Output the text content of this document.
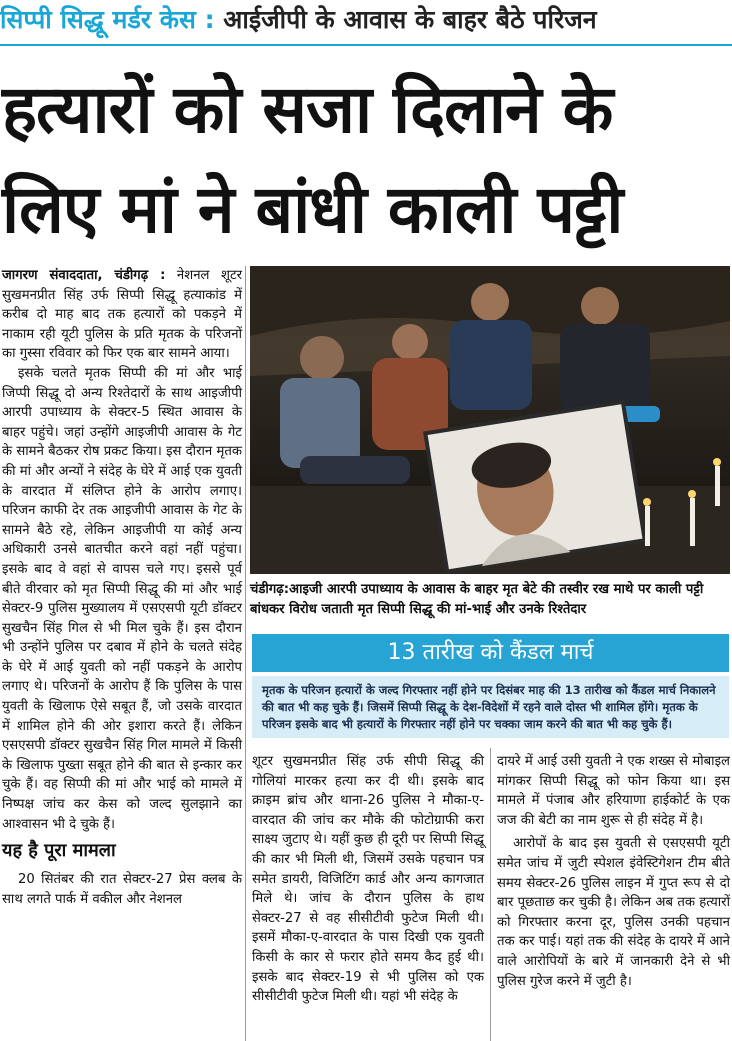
सिप्पी सिद्धू मर्डर केस : आईजीपी के आवास के बाहर बैठे परिजन
हत्यारों को सजा दिलाने के
लिए मां ने बांधी काली पट्टी

जागरण संवाददाता, चंडीगढ़ : नेशनल शूटर सुखमनप्रीत सिंह उर्फ सिप्पी सिद्धू हत्याकांड में करीब दो माह बाद तक हत्यारों को पकड़ने में नाकाम रही यूटी पुलिस के प्रति मृतक के परिजनों का गुस्सा रविवार को फिर एक बार सामने आया।

इसके चलते मृतक सिप्पी की मां और भाई जिप्पी सिद्धू दो अन्य रिश्तेदारों के साथ आइजीपी आरपी उपाध्याय के सेक्टर-5 स्थित आवास के बाहर पहुंचे। जहां उन्होंगे आइजीपी आवास के गेट के सामने बैठकर रोष प्रकट किया। इस दौरान मृतक की मां और अन्यों ने संदेह के घेरे में आई एक युवती के वारदात में संलिप्त होने के आरोप लगाए। परिजन काफी देर तक आइजीपी आवास के गेट के सामने बैठे रहे, लेकिन आइजीपी या कोई अन्य अधिकारी उनसे बातचीत करने वहां नहीं पहुंचा। इसके बाद वे वहां से वापस चले गए। इससे पूर्व बीते वीरवार को मृत सिप्पी सिद्धू की मां और भाई सेक्टर-9 पुलिस मुख्यालय में एसएसपी यूटी डॉक्टर सुखचैन सिंह गिल से भी मिल चुके हैं। इस दौरान भी उन्होंने पुलिस पर दबाव में होने के चलते संदेह के घेरे में आई युवती को नहीं पकड़ने के आरोप लगाए थे। परिजनों के आरोप हैं कि पुलिस के पास युवती के खिलाफ ऐसे सबूत हैं, जो उसके वारदात में शामिल होने की ओर इशारा करते हैं। लेकिन एसएसपी डॉक्टर सुखचैन सिंह गिल मामले में किसी के खिलाफ पुख्ता सबूत होने की बात से इन्कार कर चुके हैं। वह सिप्पी की मां और भाई को मामले में निष्पक्ष जांच कर केस को जल्द सुलझाने का आश्वासन भी दे चुके हैं।

यह है पूरा मामला

20 सितंबर की रात सेक्टर-27 प्रेस क्लब के साथ लगते पार्क में वकील और नेशनल

चंडीगढ़:आइजी आरपी उपाध्याय के आवास के बाहर मृत बेटे की तस्वीर रख माथे पर काली पट्टी बांधकर विरोध जताती मृत सिप्पी सिद्धू की मां-भाई और उनके रिश्तेदार
13 तारीख को कैंडल मार्च
मृतक के परिजन हत्यारों के जल्द गिरफ्तार नहीं होने पर दिसंबर माह की 13 तारीख को कैंडल मार्च निकालने की बात भी कह चुके हैं। जिसमें सिप्पी सिद्धू के देश-विदेशों में रहने वाले दोस्त भी शामिल होंगे। मृतक के परिजन इसके बाद भी हत्यारों के गिरफ्तार नहीं होने पर चक्का जाम करने की बात भी कह चुके हैं।

शूटर सुखमनप्रीत सिंह उर्फ सीपी सिद्धू की गोलियां मारकर हत्या कर दी थी। इसके बाद क्राइम ब्रांच और थाना-26 पुलिस ने मौका-ए-वारदात की जांच कर मौके की फोटोग्राफी करा साक्ष्य जुटाए थे। यहीं कुछ ही दूरी पर सिप्पी सिद्धू की कार भी मिली थी, जिसमें उसके पहचान पत्र समेत डायरी, विजिटिंग कार्ड और अन्य कागजात मिले थे। जांच के दौरान पुलिस के हाथ सेक्टर-27 से वह सीसीटीवी फुटेज मिली थी। इसमें मौका-ए-वारदात के पास दिखी एक युवती किसी के कार से फरार होते समय कैद हुई थी। इसके बाद सेक्टर-19 से भी पुलिस को एक सीसीटीवी फुटेज मिली थी। यहां भी संदेह के

दायरे में आई उसी युवती ने एक शख्स से मोबाइल मांगकर सिप्पी सिद्धू को फोन किया था। इस मामले में पंजाब और हरियाणा हाईकोर्ट के एक जज की बेटी का नाम शुरू से ही संदेह में है।

आरोपों के बाद इस युवती से एसएसपी यूटी समेत जांच में जुटी स्पेशल इंवेस्टिगेशन टीम बीते समय सेक्टर-26 पुलिस लाइन में गुप्त रूप से दो बार पूछताछ कर चुकी है। लेकिन अब तक हत्यारों को गिरफ्तार करना दूर, पुलिस उनकी पहचान तक कर पाई। यहां तक की संदेह के दायरे में आने वाले आरोपियों के बारे में जानकारी देने से भी पुलिस गुरेज करने में जुटी है।
